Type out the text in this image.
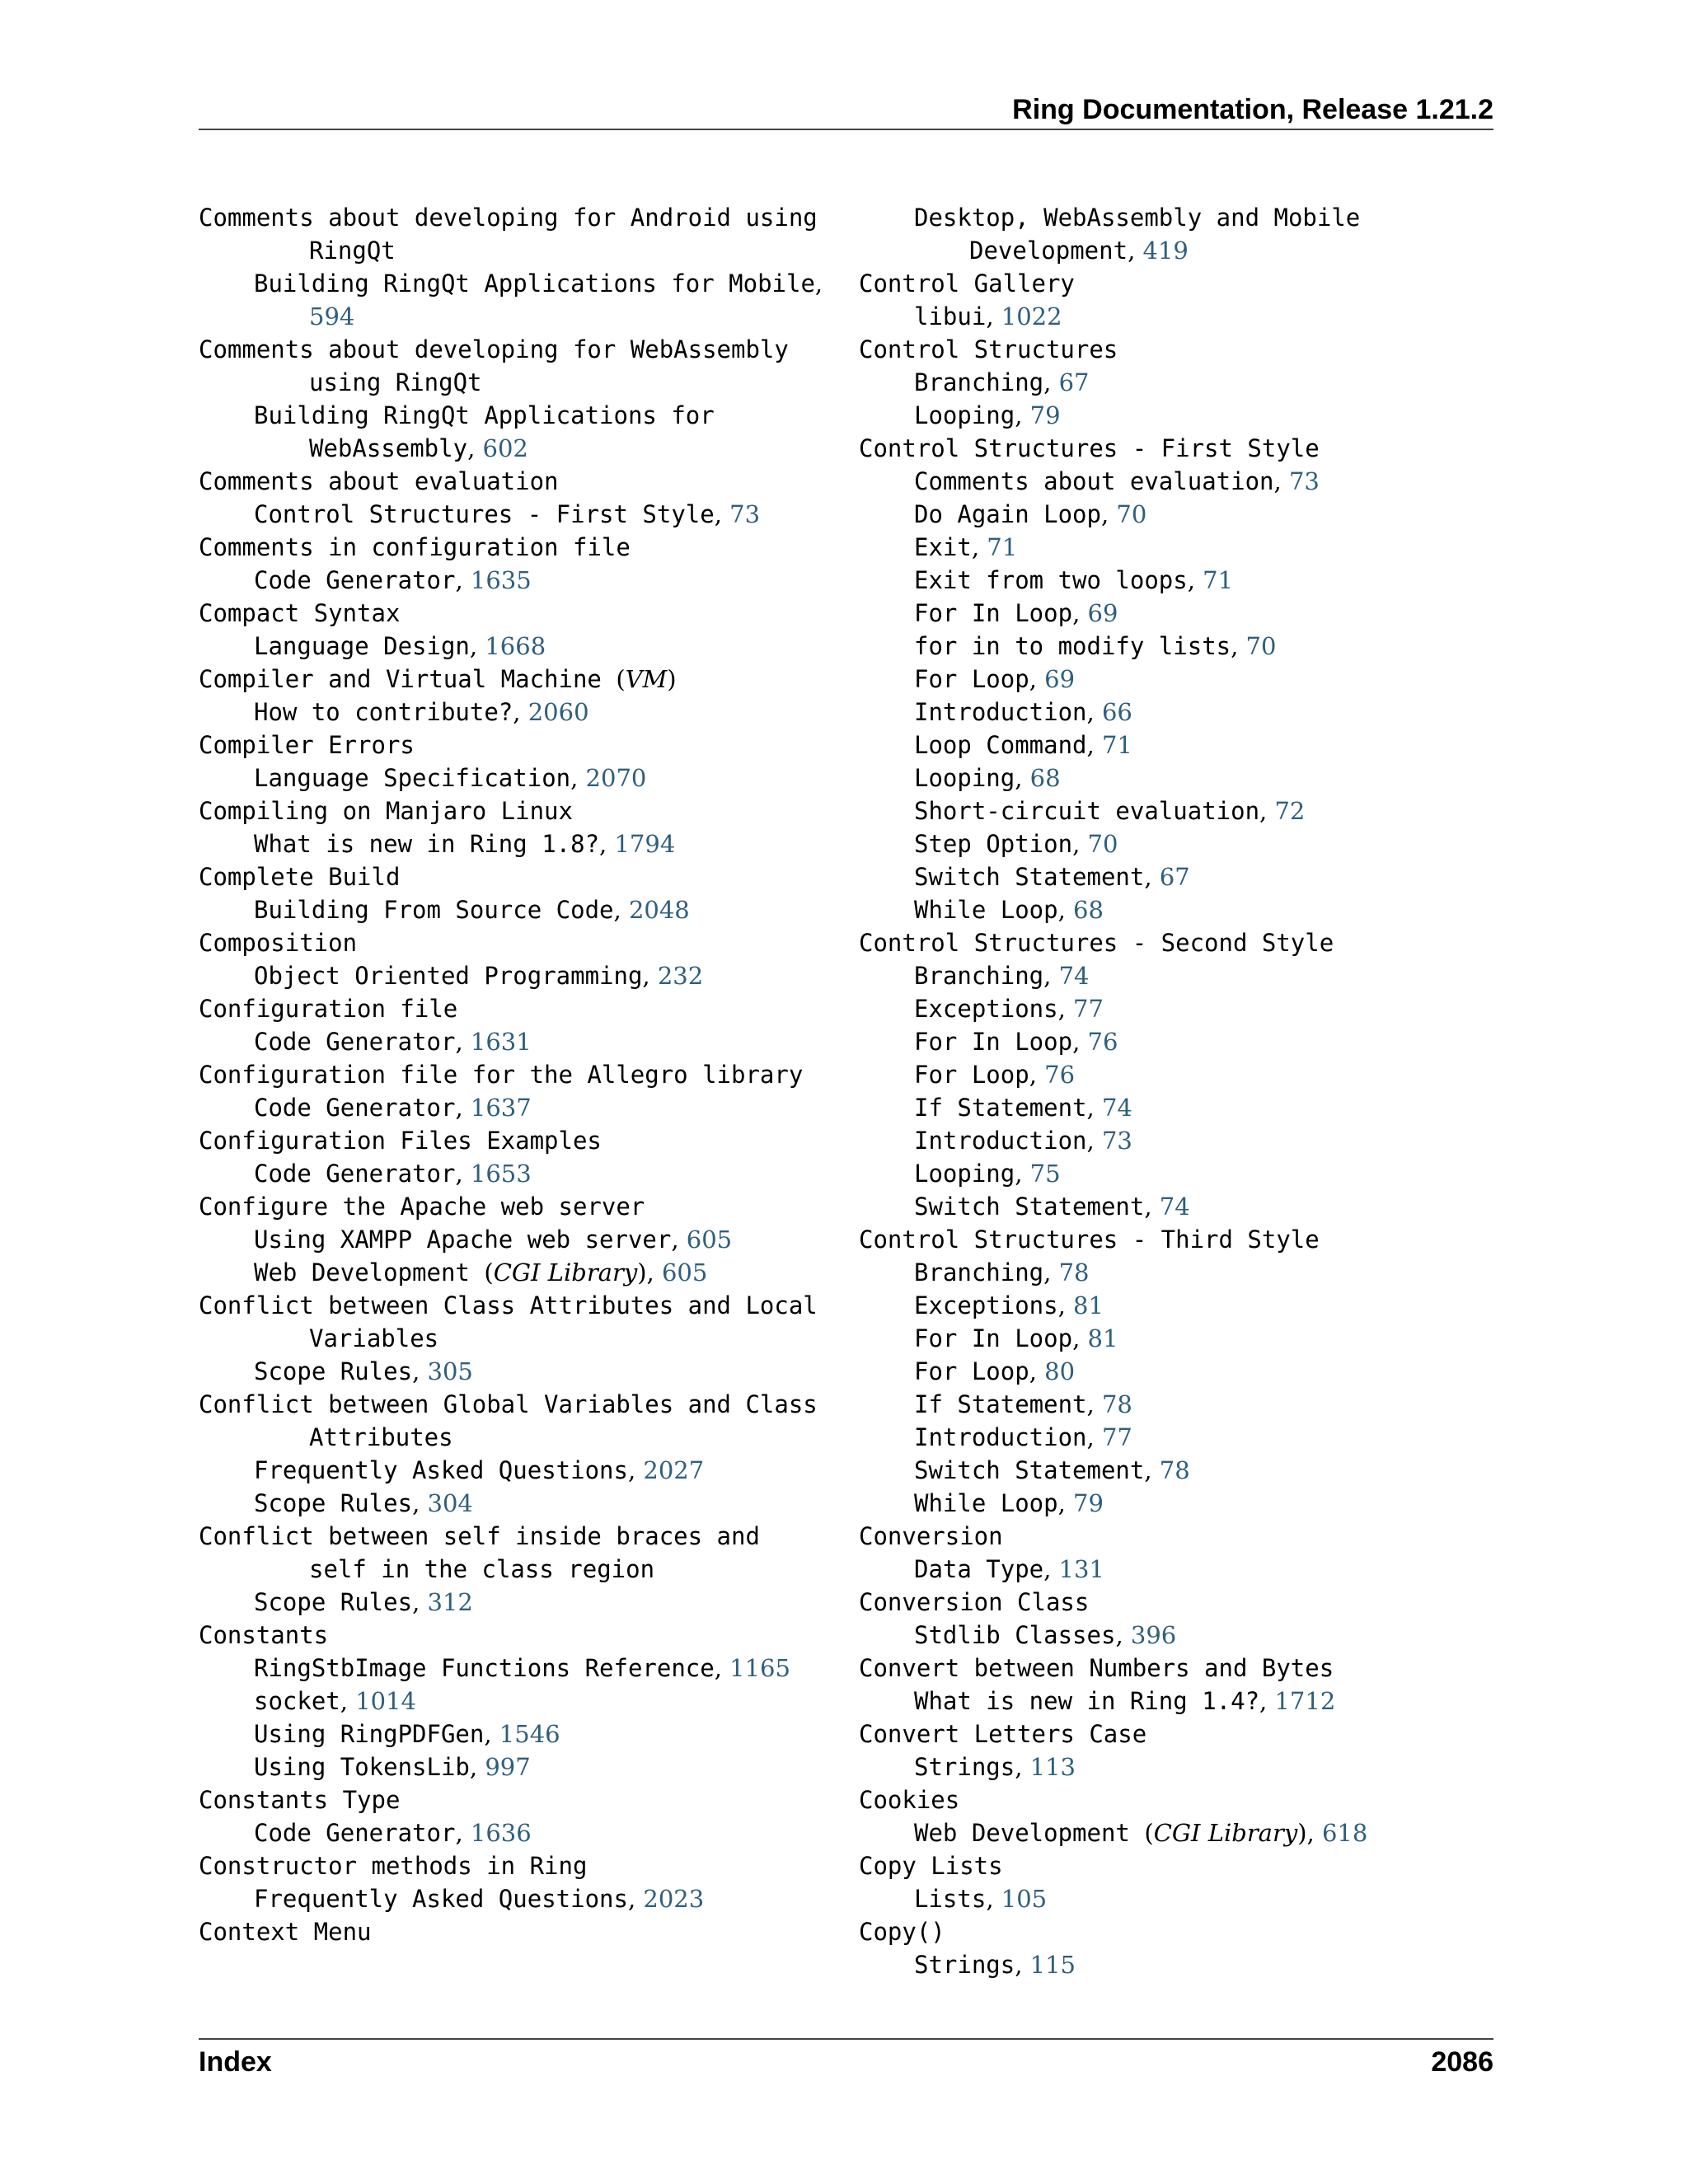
Ring Documentation, Release 1.21.2
Comments about developing for Android using
RingQt
Building RingQt Applications for Mobile,
594
Comments about developing for WebAssembly
using RingQt
Building RingQt Applications for
WebAssembly, 602
Comments about evaluation
Control Structures - First Style, 73
Comments in configuration file
Code Generator, 1635
Compact Syntax
Language Design, 1668
Compiler and Virtual Machine (VM)
How to contribute?, 2060
Compiler Errors
Language Specification, 2070
Compiling on Manjaro Linux
What is new in Ring 1.8?, 1794
Complete Build
Building From Source Code, 2048
Composition
Object Oriented Programming, 232
Configuration file
Code Generator, 1631
Configuration file for the Allegro library
Code Generator, 1637
Configuration Files Examples
Code Generator, 1653
Configure the Apache web server
Using XAMPP Apache web server, 605
Web Development (CGI Library), 605
Conflict between Class Attributes and Local
Variables
Scope Rules, 305
Conflict between Global Variables and Class
Attributes
Frequently Asked Questions, 2027
Scope Rules, 304
Conflict between self inside braces and
self in the class region
Scope Rules, 312
Constants
RingStbImage Functions Reference, 1165
socket, 1014
Using RingPDFGen, 1546
Using TokensLib, 997
Constants Type
Code Generator, 1636
Constructor methods in Ring
Frequently Asked Questions, 2023
Context Menu
Desktop, WebAssembly and Mobile
Development, 419
Control Gallery
libui, 1022
Control Structures
Branching, 67
Looping, 79
Control Structures - First Style
Comments about evaluation, 73
Do Again Loop, 70
Exit, 71
Exit from two loops, 71
For In Loop, 69
for in to modify lists, 70
For Loop, 69
Introduction, 66
Loop Command, 71
Looping, 68
Short-circuit evaluation, 72
Step Option, 70
Switch Statement, 67
While Loop, 68
Control Structures - Second Style
Branching, 74
Exceptions, 77
For In Loop, 76
For Loop, 76
If Statement, 74
Introduction, 73
Looping, 75
Switch Statement, 74
Control Structures - Third Style
Branching, 78
Exceptions, 81
For In Loop, 81
For Loop, 80
If Statement, 78
Introduction, 77
Switch Statement, 78
While Loop, 79
Conversion
Data Type, 131
Conversion Class
Stdlib Classes, 396
Convert between Numbers and Bytes
What is new in Ring 1.4?, 1712
Convert Letters Case
Strings, 113
Cookies
Web Development (CGI Library), 618
Copy Lists
Lists, 105
Copy()
Strings, 115
Index	2086
